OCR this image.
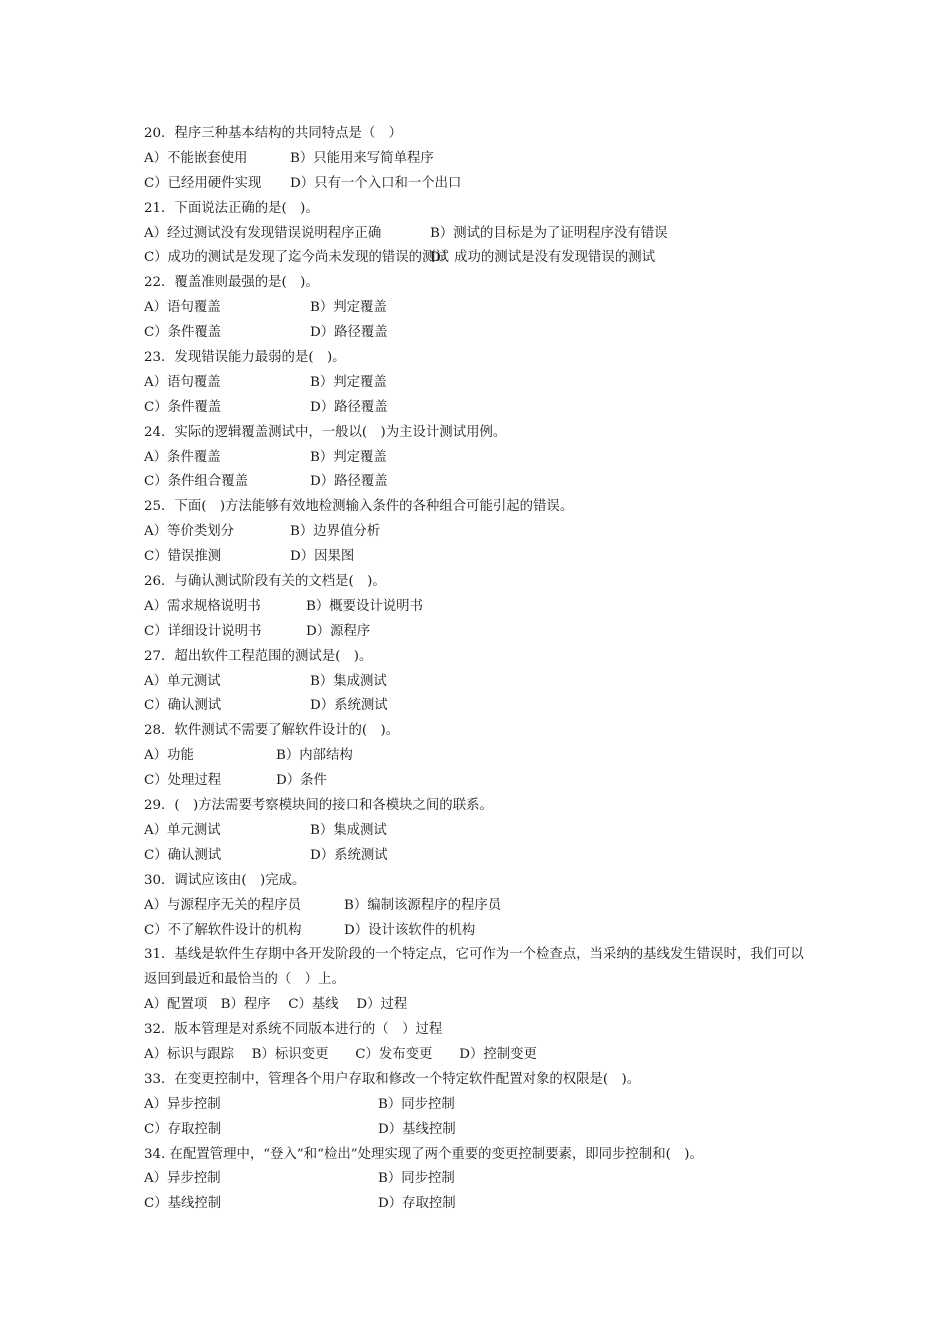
20．程序三种基本结构的共同特点是（　）
A）不能嵌套使用	B）只能用来写简单程序
C）已经用硬件实现 D）只有一个入口和一个出口
21．下面说法正确的是(　)。
A）经过测试没有发现错误说明程序正确	B）测试的目标是为了证明程序没有错误
C）成功的测试是发现了迄今尚未发现的错误的测试
D）成功的测试是没有发现错误的测试
22．覆盖准则最强的是(　)。
A）语句覆盖	B）判定覆盖
C）条件覆盖	D）路径覆盖
23．发现错误能力最弱的是(　)。
A）语句覆盖	B）判定覆盖
C）条件覆盖	D）路径覆盖
24．实际的逻辑覆盖测试中，一般以(　)为主设计测试用例。
A）条件覆盖	B）判定覆盖
C）条件组合覆盖	D）路径覆盖
25．下面(　)方法能够有效地检测输入条件的各种组合可能引起的错误。
A）等价类划分	B）边界值分析
C）错误推测	D）因果图
26．与确认测试阶段有关的文档是(　)。
A）需求规格说明书	B）概要设计说明书
C）详细设计说明书	D）源程序
27．超出软件工程范围的测试是(　)。
A）单元测试	B）集成测试
C）确认测试	D）系统测试
28．软件测试不需要了解软件设计的(　)。
A）功能	B）内部结构
C）处理过程	D）条件
29．(　)方法需要考察模块间的接口和各模块之间的联系。
A）单元测试	B）集成测试
C）确认测试	D）系统测试
30．调试应该由(　)完成。
A）与源程序无关的程序员	B）编制该源程序的程序员
C）不了解软件设计的机构	D）设计该软件的机构
31．基线是软件生存期中各开发阶段的一个特定点，它可作为一个检查点，当采纳的基线发生错误时，我们可以返回到最近和最恰当的（　）上。
A）配置项　B）程序　 C）基线　 D）过程
32．版本管理是对系统不同版本进行的（　）过程
A）标识与跟踪　 B）标识变更　　C）发布变更　　D）控制变更
33．在变更控制中，管理各个用户存取和修改一个特定软件配置对象的权限是(　)。
A）异步控制	B）同步控制
C）存取控制	D）基线控制
34. 在配置管理中，“登入”和“检出”处理实现了两个重要的变更控制要素，即同步控制和(　)。
A）异步控制	B）同步控制
C）基线控制	D）存取控制
